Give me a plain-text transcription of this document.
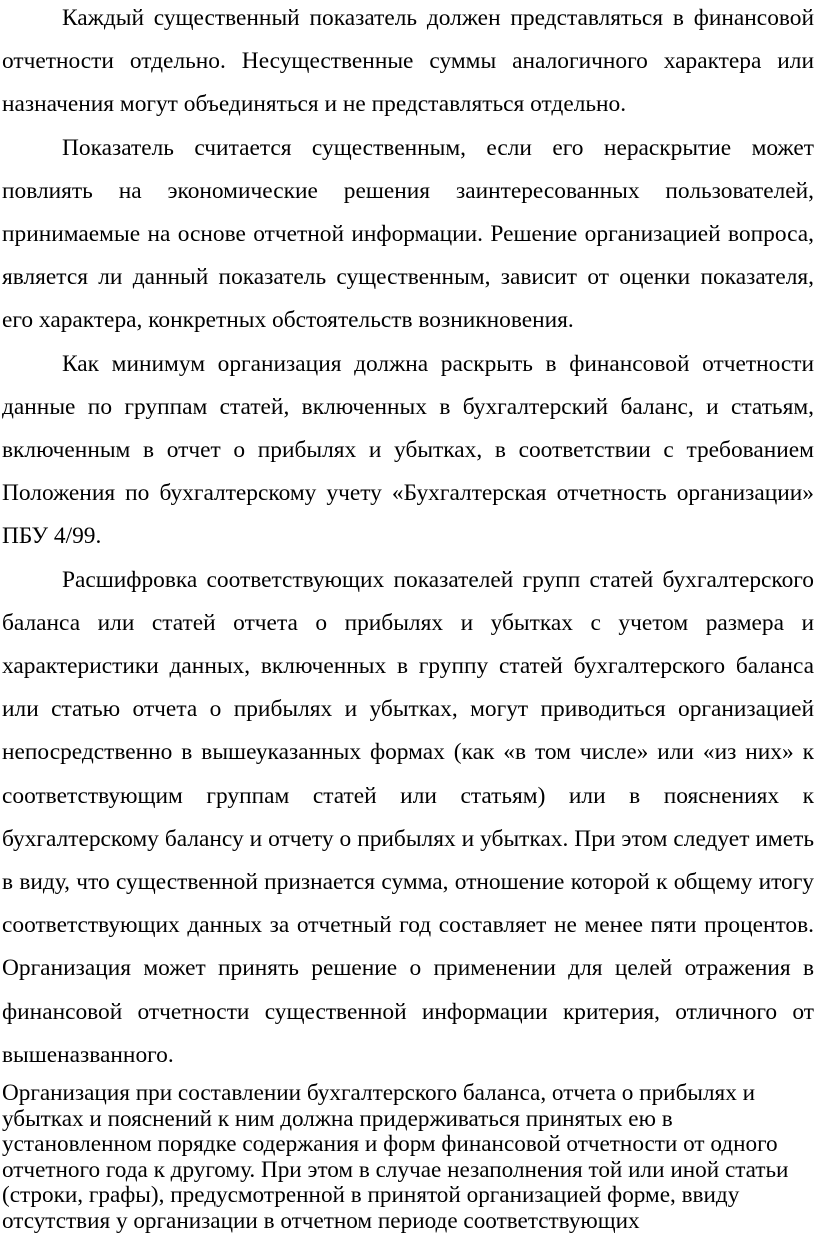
Каждый существенный показатель должен представляться в финансовой отчетности отдельно. Несущественные суммы аналогичного характера или назначения могут объединяться и не представляться отдельно.

Показатель считается существенным, если его нераскрытие может повлиять на экономические решения заинтересованных пользователей, принимаемые на основе отчетной информации. Решение организацией вопроса, является ли данный показатель существенным, зависит от оценки показателя, его характера, конкретных обстоятельств возникновения.

Как минимум организация должна раскрыть в финансовой отчетности данные по группам статей, включенных в бухгалтерский баланс, и статьям, включенным в отчет о прибылях и убытках, в соответствии с требованием Положения по бухгалтерскому учету «Бухгалтерская отчетность организации» ПБУ 4/99.

Расшифровка соответствующих показателей групп статей бухгалтерского баланса или статей отчета о прибылях и убытках с учетом размера и характеристики данных, включенных в группу статей бухгалтерского баланса или статью отчета о прибылях и убытках, могут приводиться организацией непосредственно в вышеуказанных формах (как «в том числе» или «из них» к соответствующим группам статей или статьям) или в пояснениях к бухгалтерскому балансу и отчету о прибылях и убытках. При этом следует иметь в виду, что существенной признается сумма, отношение которой к общему итогу соответствующих данных за отчетный год составляет не менее пяти процентов. Организация может принять решение о применении для целей отражения в финансовой отчетности существенной информации критерия, отличного от вышеназванного.

Организация при составлении бухгалтерского баланса, отчета о прибылях и убытках и пояснений к ним должна придерживаться принятых ею в установленном порядке содержания и форм финансовой отчетности от одного отчетного года к другому. При этом в случае незаполнения той или иной статьи (строки, графы), предусмотренной в принятой организацией форме, ввиду отсутствия у организации в отчетном периоде соответствующих
